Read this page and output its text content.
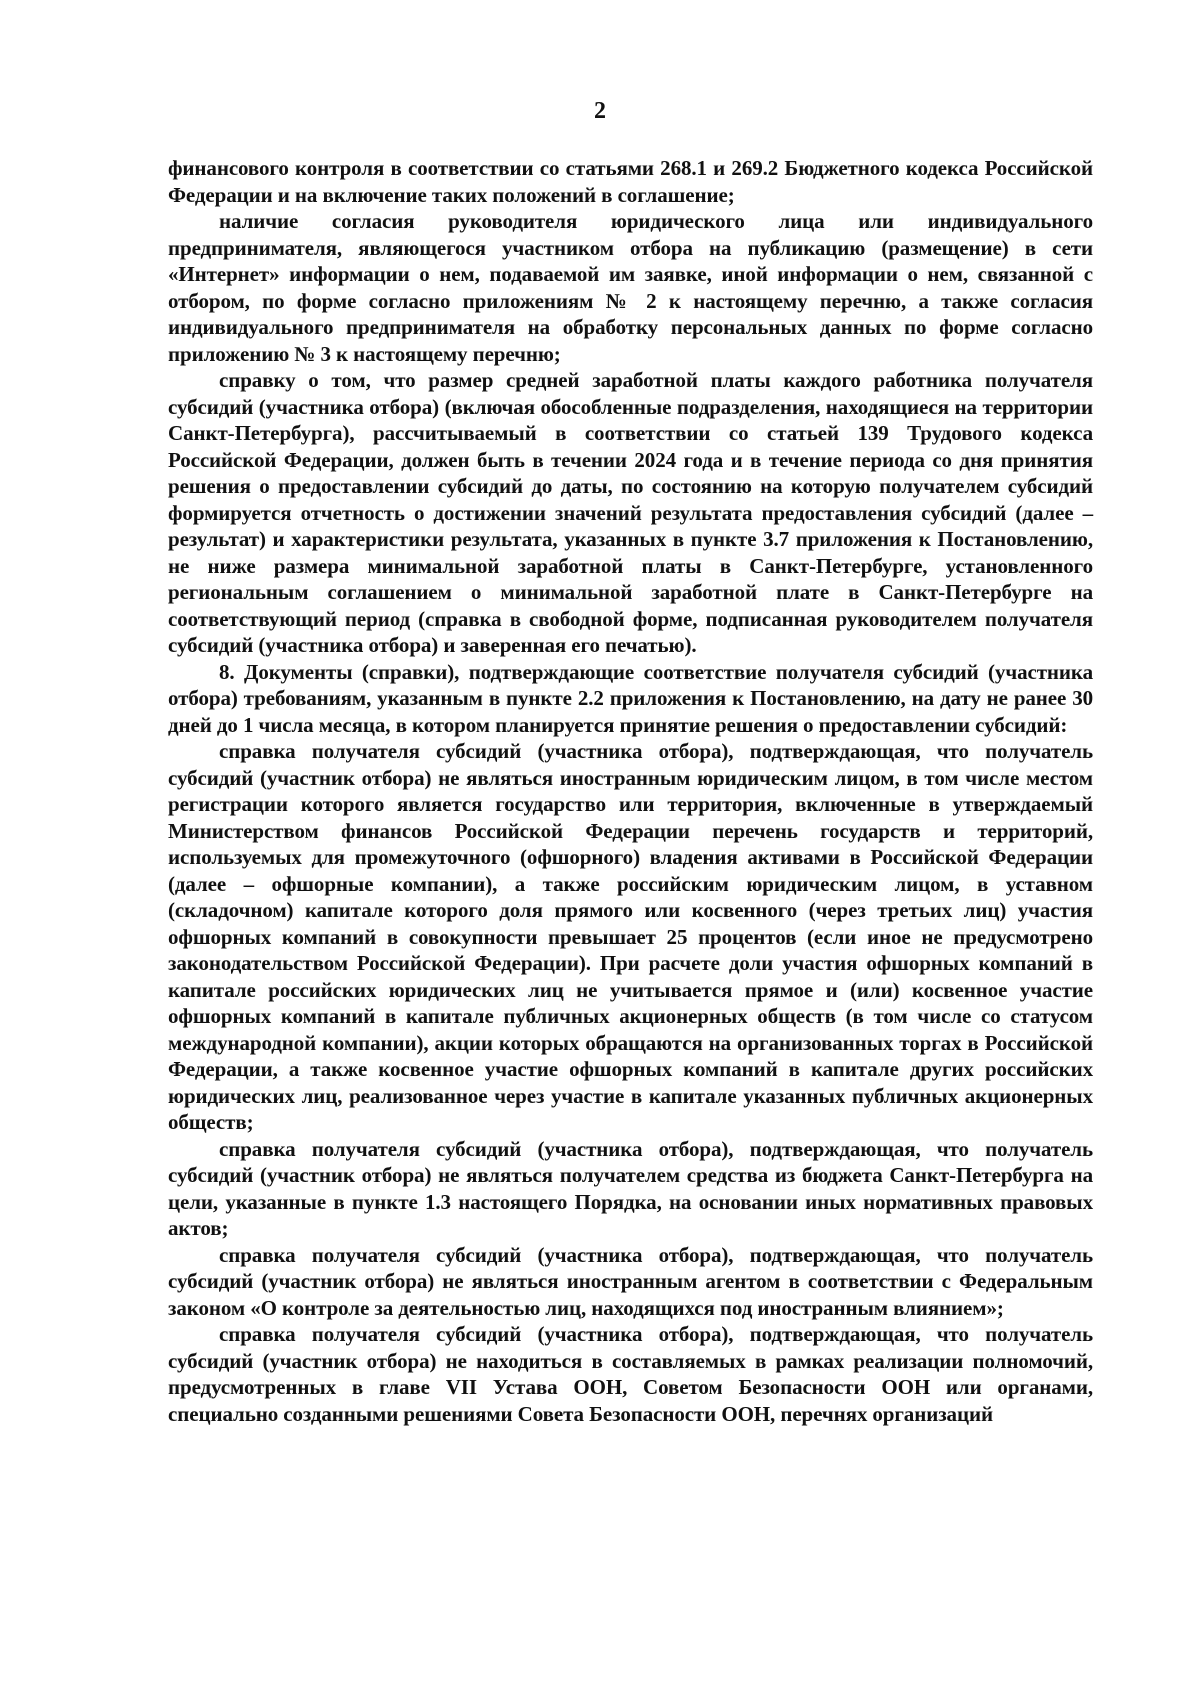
2

финансового контроля в соответствии со статьями 268.1 и 269.2 Бюджетного кодекса Российской Федерации и на включение таких положений в соглашение;

наличие согласия руководителя юридического лица или индивидуального предпринимателя, являющегося участником отбора на публикацию (размещение) в сети «Интернет» информации о нем, подаваемой им заявке, иной информации о нем, связанной с отбором, по форме согласно приложениям № 2 к настоящему перечню, а также согласия индивидуального предпринимателя на обработку персональных данных по форме согласно приложению № 3 к настоящему перечню;

справку о том, что размер средней заработной платы каждого работника получателя субсидий (участника отбора) (включая обособленные подразделения, находящиеся на территории Санкт-Петербурга), рассчитываемый в соответствии со статьей 139 Трудового кодекса Российской Федерации, должен быть в течении 2024 года и в течение периода со дня принятия решения о предоставлении субсидий до даты, по состоянию на которую получателем субсидий формируется отчетность о достижении значений результата предоставления субсидий (далее – результат) и характеристики результата, указанных в пункте 3.7 приложения к Постановлению, не ниже размера минимальной заработной платы в Санкт-Петербурге, установленного региональным соглашением о минимальной заработной плате в Санкт-Петербурге на соответствующий период (справка в свободной форме, подписанная руководителем получателя субсидий (участника отбора) и заверенная его печатью).

8. Документы (справки), подтверждающие соответствие получателя субсидий (участника отбора) требованиям, указанным в пункте 2.2 приложения к Постановлению, на дату не ранее 30 дней до 1 числа месяца, в котором планируется принятие решения о предоставлении субсидий:

справка получателя субсидий (участника отбора), подтверждающая, что получатель субсидий (участник отбора) не являться иностранным юридическим лицом, в том числе местом регистрации которого является государство или территория, включенные в утверждаемый Министерством финансов Российской Федерации перечень государств и территорий, используемых для промежуточного (офшорного) владения активами в Российской Федерации (далее – офшорные компании), а также российским юридическим лицом, в уставном (складочном) капитале которого доля прямого или косвенного (через третьих лиц) участия офшорных компаний в совокупности превышает 25 процентов (если иное не предусмотрено законодательством Российской Федерации). При расчете доли участия офшорных компаний в капитале российских юридических лиц не учитывается прямое и (или) косвенное участие офшорных компаний в капитале публичных акционерных обществ (в том числе со статусом международной компании), акции которых обращаются на организованных торгах в Российской Федерации, а также косвенное участие офшорных компаний в капитале других российских юридических лиц, реализованное через участие в капитале указанных публичных акционерных обществ;

справка получателя субсидий (участника отбора), подтверждающая, что получатель субсидий (участник отбора) не являться получателем средства из бюджета Санкт-Петербурга на цели, указанные в пункте 1.3 настоящего Порядка, на основании иных нормативных правовых актов;

справка получателя субсидий (участника отбора), подтверждающая, что получатель субсидий (участник отбора) не являться иностранным агентом в соответствии с Федеральным законом «О контроле за деятельностью лиц, находящихся под иностранным влиянием»;

справка получателя субсидий (участника отбора), подтверждающая, что получатель субсидий (участник отбора) не находиться в составляемых в рамках реализации полномочий, предусмотренных в главе VII Устава ООН, Советом Безопасности ООН или органами, специально созданными решениями Совета Безопасности ООН, перечнях организаций
